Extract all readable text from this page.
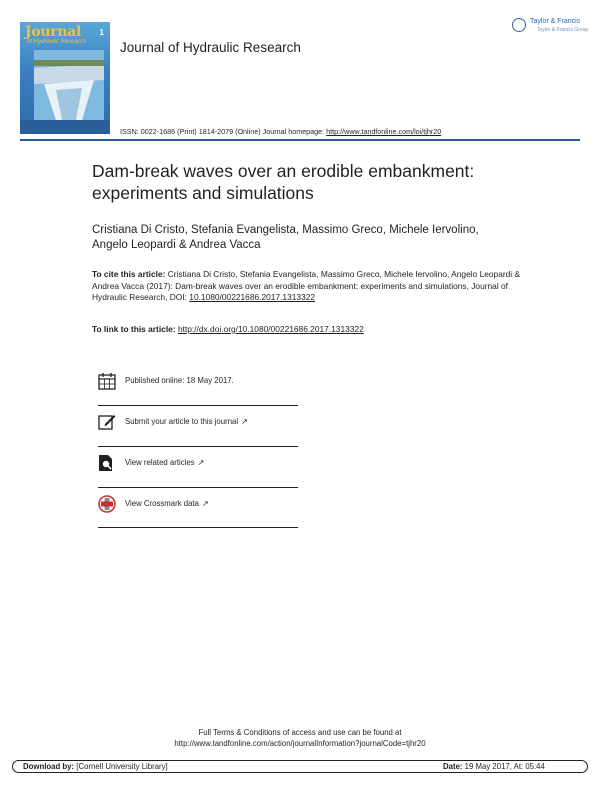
Journal
of Hydraulic Research
1
Journal of Hydraulic Research
Taylor & Francis
Taylor & Francis Group
ISSN: 0022-1686 (Print) 1814-2079 (Online) Journal homepage: http://www.tandfonline.com/loi/tjhr20
Dam-break waves over an erodible embankment:
experiments and simulations
Cristiana Di Cristo, Stefania Evangelista, Massimo Greco, Michele Iervolino,
Angelo Leopardi & Andrea Vacca
To cite this article: Cristiana Di Cristo, Stefania Evangelista, Massimo Greco, Michele Iervolino, Angelo Leopardi & Andrea Vacca (2017): Dam-break waves over an erodible embankment: experiments and simulations, Journal of Hydraulic Research, DOI: 10.1080/00221686.2017.1313322
To link to this article: http://dx.doi.org/10.1080/00221686.2017.1313322
Published online: 18 May 2017.
Submit your article to this journal ↗
View related articles ↗
View Crossmark data ↗
Full Terms & Conditions of access and use can be found at
http://www.tandfonline.com/action/journalInformation?journalCode=tjhr20
Download by: [Cornell University Library]	Date: 19 May 2017, At: 05:44
